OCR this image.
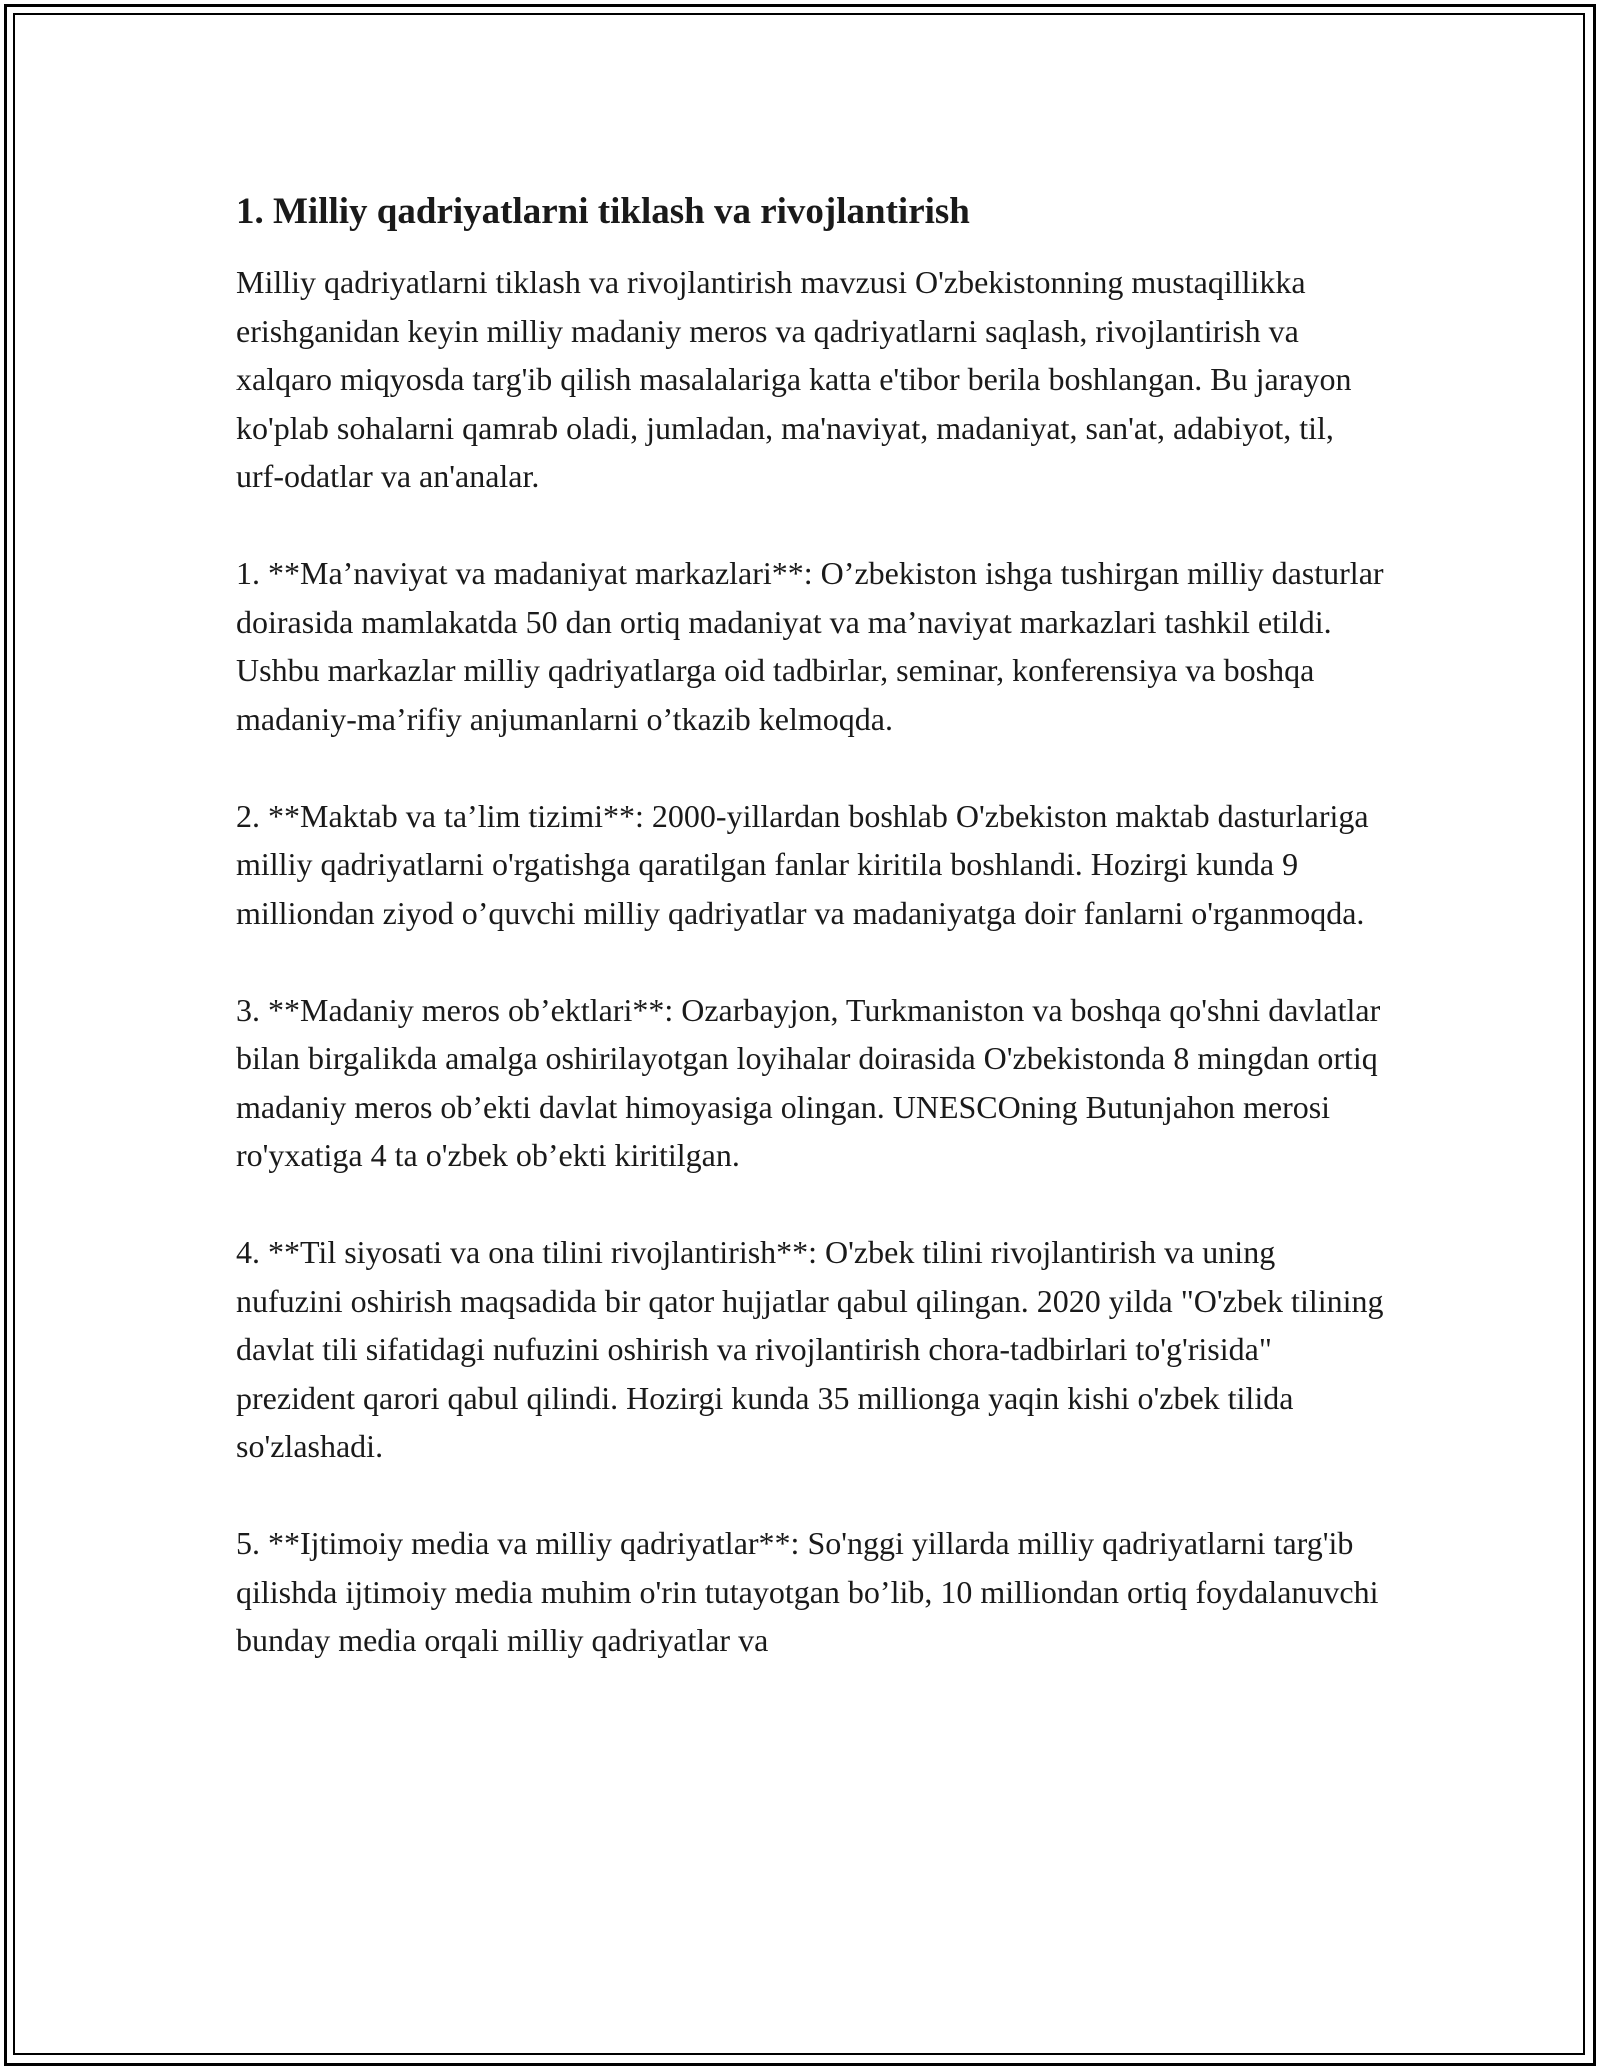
1. Milliy qadriyatlarni tiklash va rivojlantirish

Milliy qadriyatlarni tiklash va rivojlantirish mavzusi O'zbekistonning mustaqillikka erishganidan keyin milliy madaniy meros va qadriyatlarni saqlash, rivojlantirish va xalqaro miqyosda targ'ib qilish masalalariga katta e'tibor berila boshlangan. Bu jarayon ko'plab sohalarni qamrab oladi, jumladan, ma'naviyat, madaniyat, san'at, adabiyot, til, urf-odatlar va an'analar.

1. **Ma’naviyat va madaniyat markazlari**: O’zbekiston ishga tushirgan milliy dasturlar doirasida mamlakatda 50 dan ortiq madaniyat va ma’naviyat markazlari tashkil etildi. Ushbu markazlar milliy qadriyatlarga oid tadbirlar, seminar, konferensiya va boshqa madaniy-ma’rifiy anjumanlarni o’tkazib kelmoqda.

2. **Maktab va ta’lim tizimi**: 2000-yillardan boshlab O'zbekiston maktab dasturlariga milliy qadriyatlarni o'rgatishga qaratilgan fanlar kiritila boshlandi. Hozirgi kunda 9 milliondan ziyod o’quvchi milliy qadriyatlar va madaniyatga doir fanlarni o'rganmoqda.

3. **Madaniy meros ob’ektlari**: Ozarbayjon, Turkmaniston va boshqa qo'shni davlatlar bilan birgalikda amalga oshirilayotgan loyihalar doirasida O'zbekistonda 8 mingdan ortiq madaniy meros ob’ekti davlat himoyasiga olingan. UNESCOning Butunjahon merosi ro'yxatiga 4 ta o'zbek ob’ekti kiritilgan.

4. **Til siyosati va ona tilini rivojlantirish**: O'zbek tilini rivojlantirish va uning nufuzini oshirish maqsadida bir qator hujjatlar qabul qilingan. 2020 yilda "O'zbek tilining davlat tili sifatidagi nufuzini oshirish va rivojlantirish chora-tadbirlari to'g'risida" prezident qarori qabul qilindi. Hozirgi kunda 35 millionga yaqin kishi o'zbek tilida so'zlashadi.

5. **Ijtimoiy media va milliy qadriyatlar**: So'nggi yillarda milliy qadriyatlarni targ'ib qilishda ijtimoiy media muhim o'rin tutayotgan bo’lib, 10 milliondan ortiq foydalanuvchi bunday media orqali milliy qadriyatlar va
